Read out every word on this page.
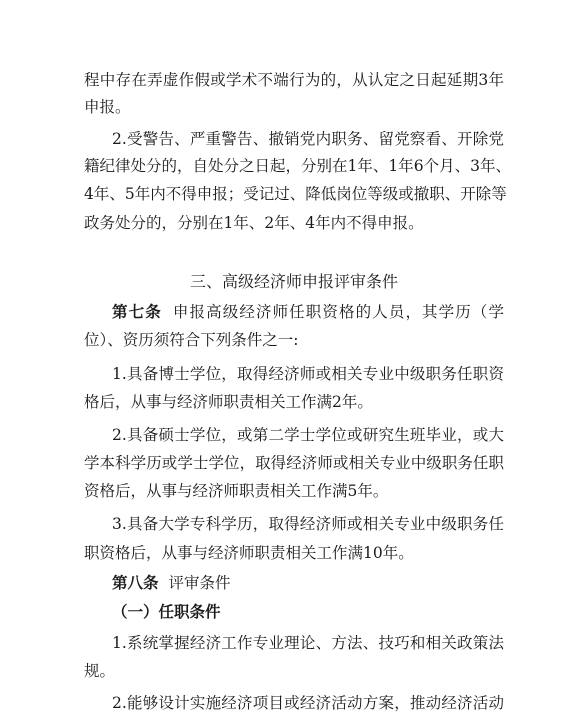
程中存在弄虚作假或学术不端行为的，从认定之日起延期3年
申报。
2.受警告、严重警告、撤销党内职务、留党察看、开除党
籍纪律处分的，自处分之日起，分别在1年、1年6个月、3年、
4年、5年内不得申报；受记过、降低岗位等级或撤职、开除等
政务处分的，分别在1年、2年、4年内不得申报。
三、高级经济师申报评审条件
第七条 申报高级经济师任职资格的人员，其学历（学
位）、资历须符合下列条件之一:
1.具备博士学位，取得经济师或相关专业中级职务任职资
格后，从事与经济师职责相关工作满2年。
2.具备硕士学位，或第二学士学位或研究生班毕业，或大
学本科学历或学士学位，取得经济师或相关专业中级职务任职
资格后，从事与经济师职责相关工作满5年。
3.具备大学专科学历，取得经济师或相关专业中级职务任
职资格后，从事与经济师职责相关工作满10年。
第八条 评审条件
（一）任职条件
1.系统掌握经济工作专业理论、方法、技巧和相关政策法
规。
2.能够设计实施经济项目或经济活动方案，推动经济活动
